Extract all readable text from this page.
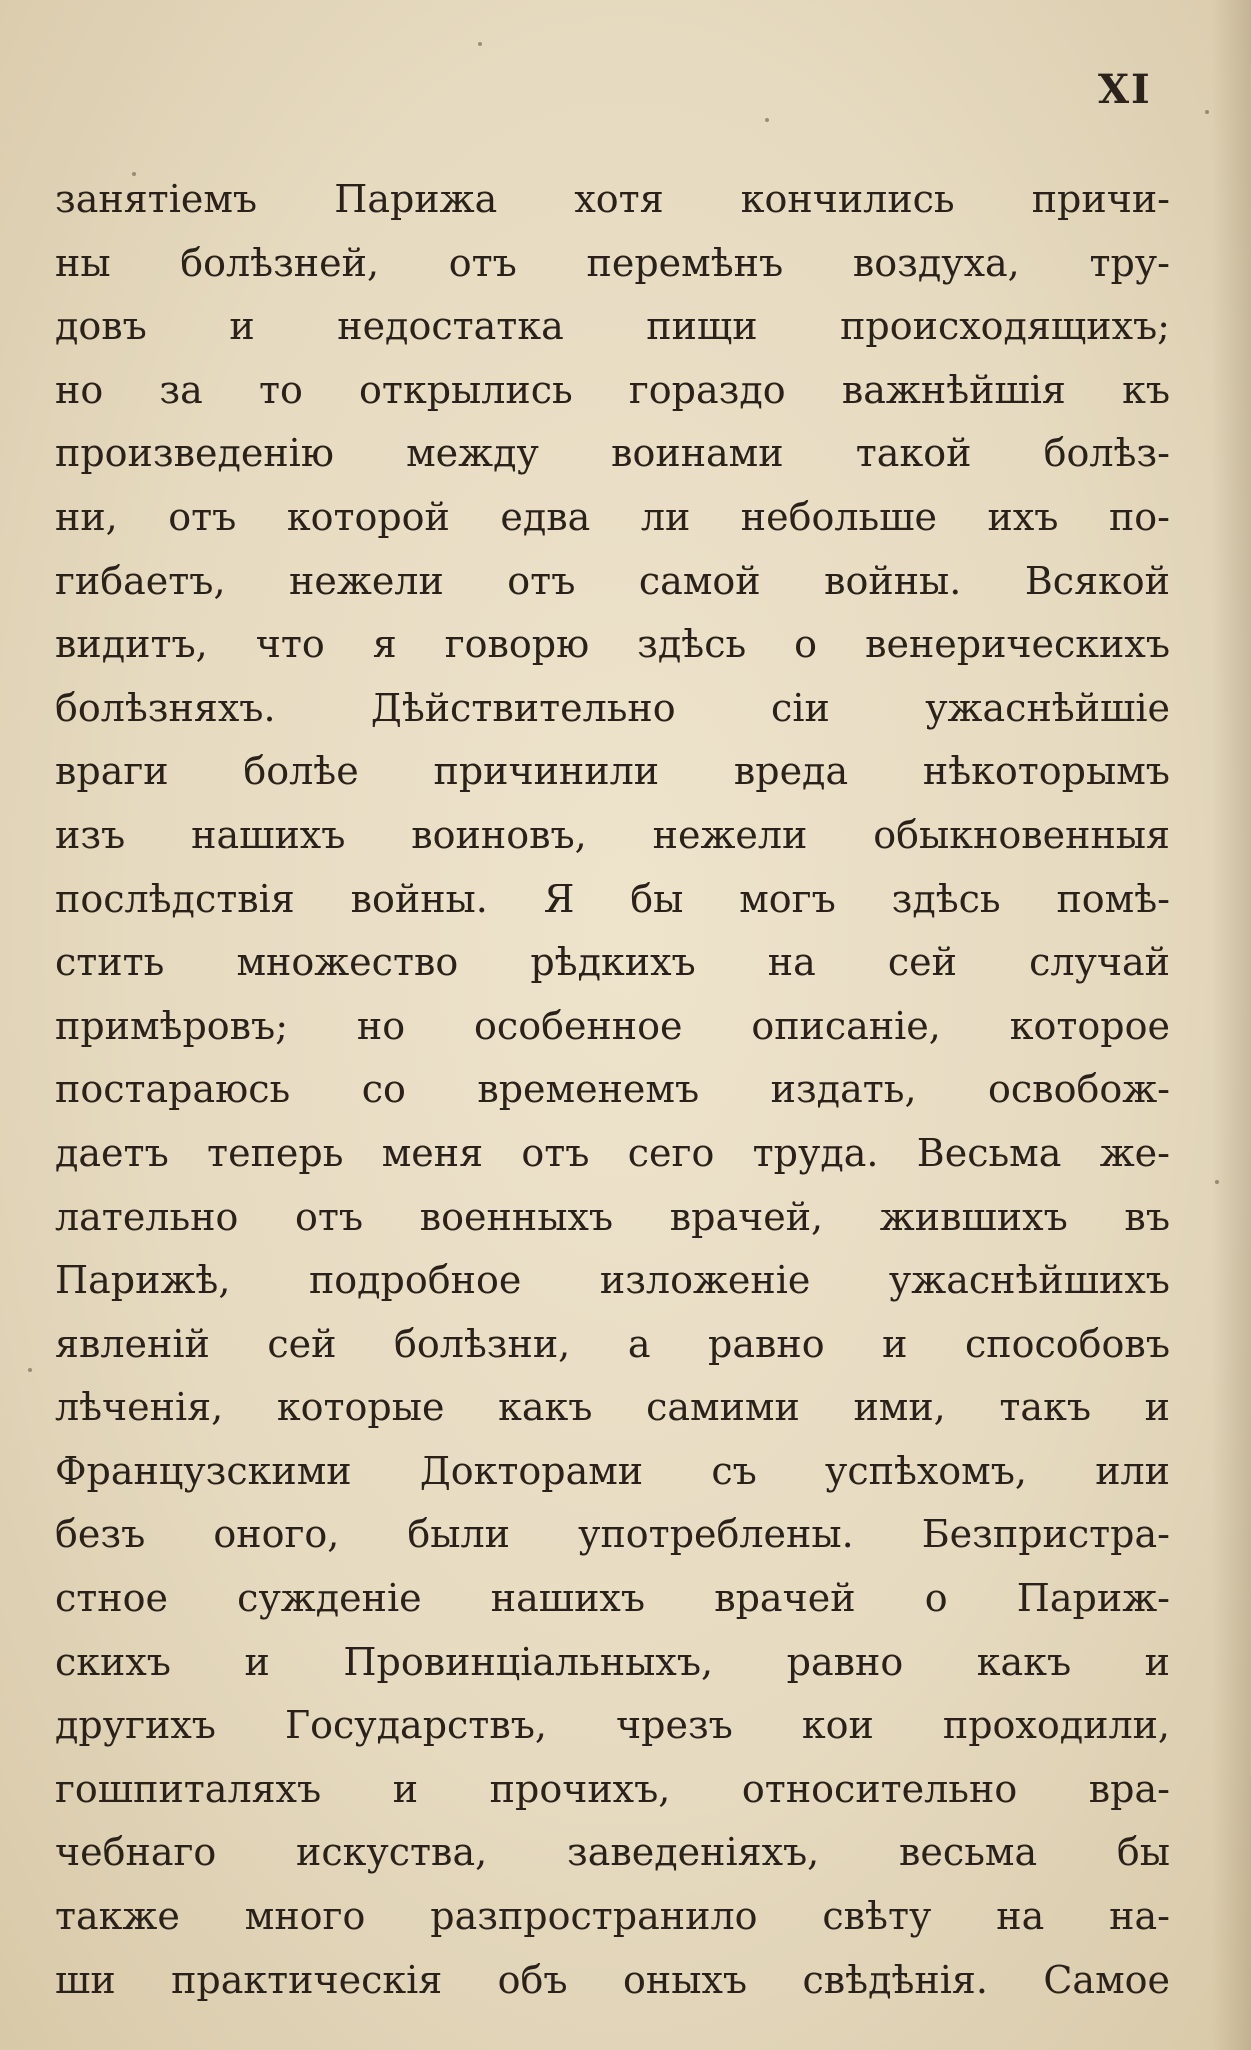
XI
занятіемъ Парижа хотя кончились причи-
ны болѣзней, отъ перемѣнъ воздуха, тру-
довъ и недостатка пищи происходящихъ;
но за то открылись гораздо важнѣйшія къ
произведенію между воинами такой болѣз-
ни, отъ которой едва ли небольше ихъ по-
гибаетъ, нежели отъ самой войны. Всякой
видитъ, что я говорю здѣсь о венерическихъ
болѣзняхъ. Дѣйствительно сіи ужаснѣйшіе
враги болѣе причинили вреда нѣкоторымъ
изъ нашихъ воиновъ, нежели обыкновенныя
послѣдствія войны. Я бы могъ здѣсь помѣ-
стить множество рѣдкихъ на сей случай
примѣровъ; но особенное описаніе, которое
постараюсь со временемъ издать, освобож-
даетъ теперь меня отъ сего труда. Весьма же-
лательно отъ военныхъ врачей, жившихъ въ
Парижѣ, подробное изложеніе ужаснѣйшихъ
явленій сей болѣзни, а равно и способовъ
лѣченія, которые какъ самими ими, такъ и
Французскими Докторами съ успѣхомъ, или
безъ оного, были употреблены. Безпристра-
стное сужденіе нашихъ врачей о Париж-
скихъ и Провинціальныхъ, равно какъ и
другихъ Государствъ, чрезъ кои проходили,
гошпиталяхъ и прочихъ, относительно вра-
чебнаго искуства, заведеніяхъ, весьма бы
также много разпространило свѣту на на-
ши практическія объ оныхъ свѣдѣнія. Самое
